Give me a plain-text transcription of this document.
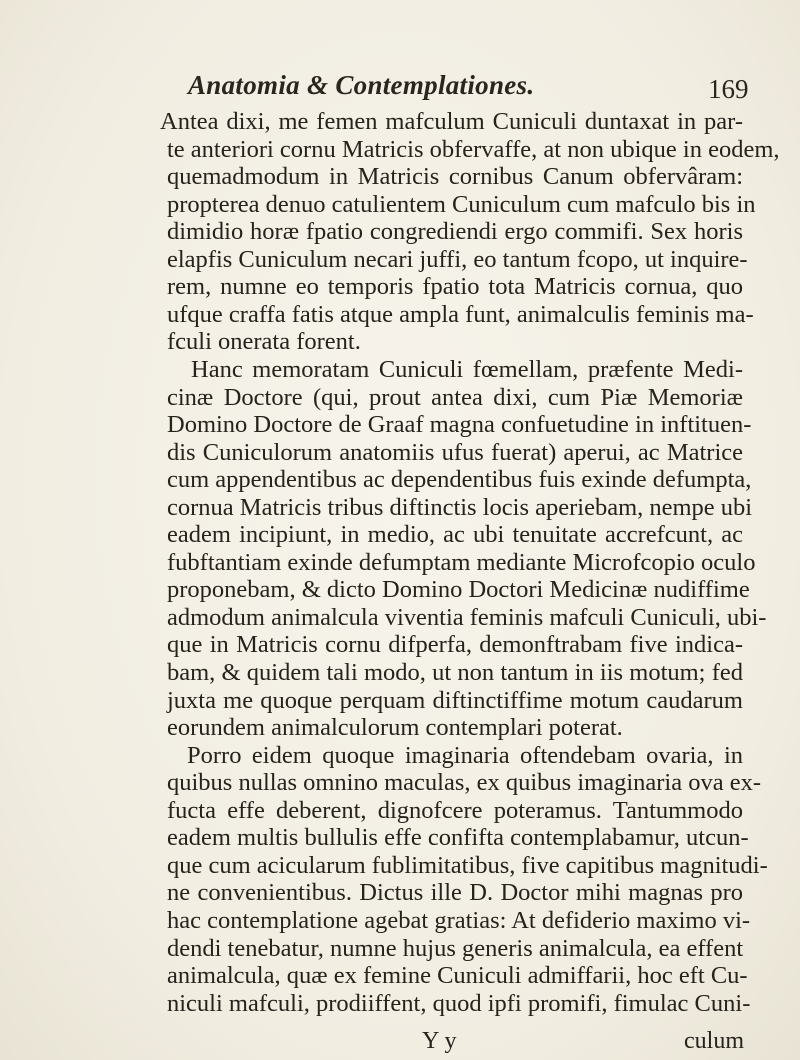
Anatomia & Contemplationes.	169
Antea dixi, me femen mafculum Cuniculi duntaxat in par-
te anteriori cornu Matricis obfervaffe, at non ubique in eodem,
quemadmodum in Matricis cornibus Canum obfervâram:
propterea denuo catulientem Cuniculum cum mafculo bis in
dimidio horæ fpatio congrediendi ergo commifi. Sex horis
elapfis Cuniculum necari juffi, eo tantum fcopo, ut inquire-
rem, numne eo temporis fpatio tota Matricis cornua, quo
ufque craffa fatis atque ampla funt, animalculis feminis ma-
fculi onerata forent.
Hanc memoratam Cuniculi fœmellam, præfente Medi-
cinæ Doctore (qui, prout antea dixi, cum Piæ Memoriæ
Domino Doctore de Graaf magna confuetudine in inftituen-
dis Cuniculorum anatomiis ufus fuerat) aperui, ac Matrice
cum appendentibus ac dependentibus fuis exinde defumpta,
cornua Matricis tribus diftinctis locis aperiebam, nempe ubi
eadem incipiunt, in medio, ac ubi tenuitate accrefcunt, ac
fubftantiam exinde defumptam mediante Microfcopio oculo
proponebam, & dicto Domino Doctori Medicinæ nudiffime
admodum animalcula viventia feminis mafculi Cuniculi, ubi-
que in Matricis cornu difperfa, demonftrabam five indica-
bam, & quidem tali modo, ut non tantum in iis motum; fed
juxta me quoque perquam diftinctiffime motum caudarum
eorundem animalculorum contemplari poterat.
Porro eidem quoque imaginaria oftendebam ovaria, in
quibus nullas omnino maculas, ex quibus imaginaria ova ex-
fucta effe deberent, dignofcere poteramus. Tantummodo
eadem multis bullulis effe confifta contemplabamur, utcun-
que cum acicularum fublimitatibus, five capitibus magnitudi-
ne convenientibus. Dictus ille D. Doctor mihi magnas pro
hac contemplatione agebat gratias: At defiderio maximo vi-
dendi tenebatur, numne hujus generis animalcula, ea effent
animalcula, quæ ex femine Cuniculi admiffarii, hoc eft Cu-
niculi mafculi, prodiiffent, quod ipfi promifi, fimulac Cuni-
Y y	culum
